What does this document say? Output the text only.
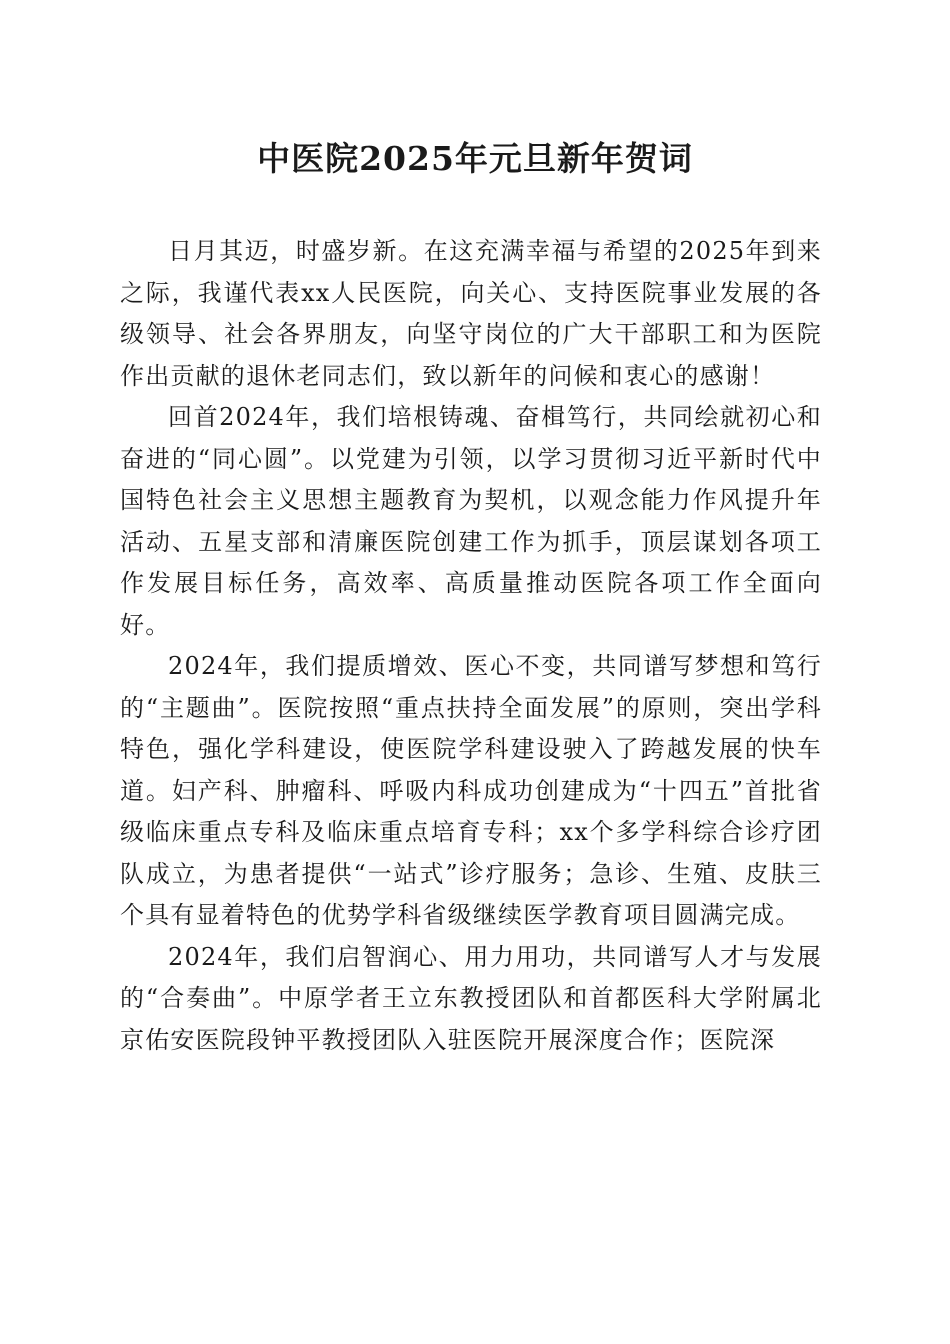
中医院2025年元旦新年贺词

日月其迈，时盛岁新。在这充满幸福与希望的2025年到来之际，我谨代表xx人民医院，向关心、支持医院事业发展的各级领导、社会各界朋友，向坚守岗位的广大干部职工和为医院作出贡献的退休老同志们，致以新年的问候和衷心的感谢！

回首2024年，我们培根铸魂、奋楫笃行，共同绘就初心和奋进的“同心圆”。以党建为引领，以学习贯彻习近平新时代中国特色社会主义思想主题教育为契机，以观念能力作风提升年活动、五星支部和清廉医院创建工作为抓手，顶层谋划各项工作发展目标任务，高效率、高质量推动医院各项工作全面向好。

2024年，我们提质增效、医心不变，共同谱写梦想和笃行的“主题曲”。医院按照“重点扶持全面发展”的原则，突出学科特色，强化学科建设，使医院学科建设驶入了跨越发展的快车道。妇产科、肿瘤科、呼吸内科成功创建成为“十四五”首批省级临床重点专科及临床重点培育专科；xx个多学科综合诊疗团队成立，为患者提供“一站式”诊疗服务；急诊、生殖、皮肤三个具有显着特色的优势学科省级继续医学教育项目圆满完成。

2024年，我们启智润心、用力用功，共同谱写人才与发展的“合奏曲”。中原学者王立东教授团队和首都医科大学附属北京佑安医院段钟平教授团队入驻医院开展深度合作；医院深
